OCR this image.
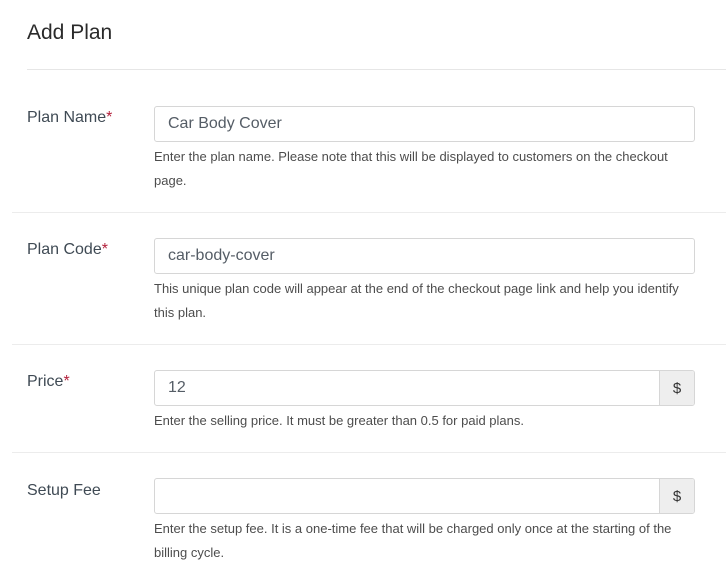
Add Plan
Plan Name*
Car Body Cover
Enter the plan name. Please note that this will be displayed to customers on the checkout page.
Plan Code*
car-body-cover
This unique plan code will appear at the end of the checkout page link and help you identify this plan.
Price*
12	$
Enter the selling price. It must be greater than 0.5 for paid plans.
Setup Fee	$
Enter the setup fee. It is a one-time fee that will be charged only once at the starting of the billing cycle.
